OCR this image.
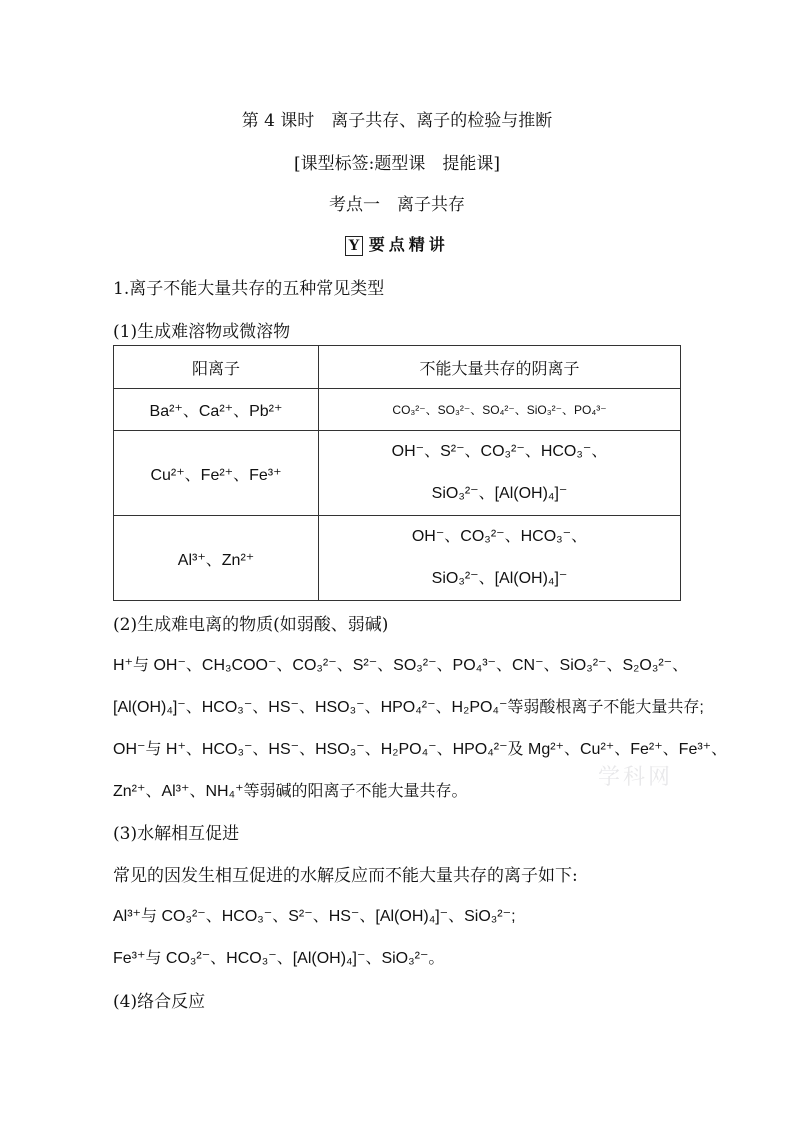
第 4 课时　离子共存、离子的检验与推断
[课型标签:题型课　提能课]
考点一　离子共存
Y 要点精讲
1.离子不能大量共存的五种常见类型
(1)生成难溶物或微溶物
阳离子	不能大量共存的阴离子
Ba²⁺、Ca²⁺、Pb²⁺	CO₃²⁻、SO₃²⁻、SO₄²⁻、SiO₃²⁻、PO₄³⁻
Cu²⁺、Fe²⁺、Fe³⁺	OH⁻、S²⁻、CO₃²⁻、HCO₃⁻、
SiO₃²⁻、[Al(OH)₄]⁻

Al³⁺、Zn²⁺	OH⁻、CO₃²⁻、HCO₃⁻、
SiO₃²⁻、[Al(OH)₄]⁻
(2)生成难电离的物质(如弱酸、弱碱)
H⁺与 OH⁻、CH₃COO⁻、CO₃²⁻、S²⁻、SO₃²⁻、PO₄³⁻、CN⁻、SiO₃²⁻、S₂O₃²⁻、
[Al(OH)₄]⁻、HCO₃⁻、HS⁻、HSO₃⁻、HPO₄²⁻、H₂PO₄⁻等弱酸根离子不能大量共存;
OH⁻与 H⁺、HCO₃⁻、HS⁻、HSO₃⁻、H₂PO₄⁻、HPO₄²⁻及 Mg²⁺、Cu²⁺、Fe²⁺、Fe³⁺、
Zn²⁺、Al³⁺、NH₄⁺等弱碱的阳离子不能大量共存。
学科网
(3)水解相互促进
常见的因发生相互促进的水解反应而不能大量共存的离子如下:
Al³⁺与 CO₃²⁻、HCO₃⁻、S²⁻、HS⁻、[Al(OH)₄]⁻、SiO₃²⁻;
Fe³⁺与 CO₃²⁻、HCO₃⁻、[Al(OH)₄]⁻、SiO₃²⁻。
(4)络合反应
